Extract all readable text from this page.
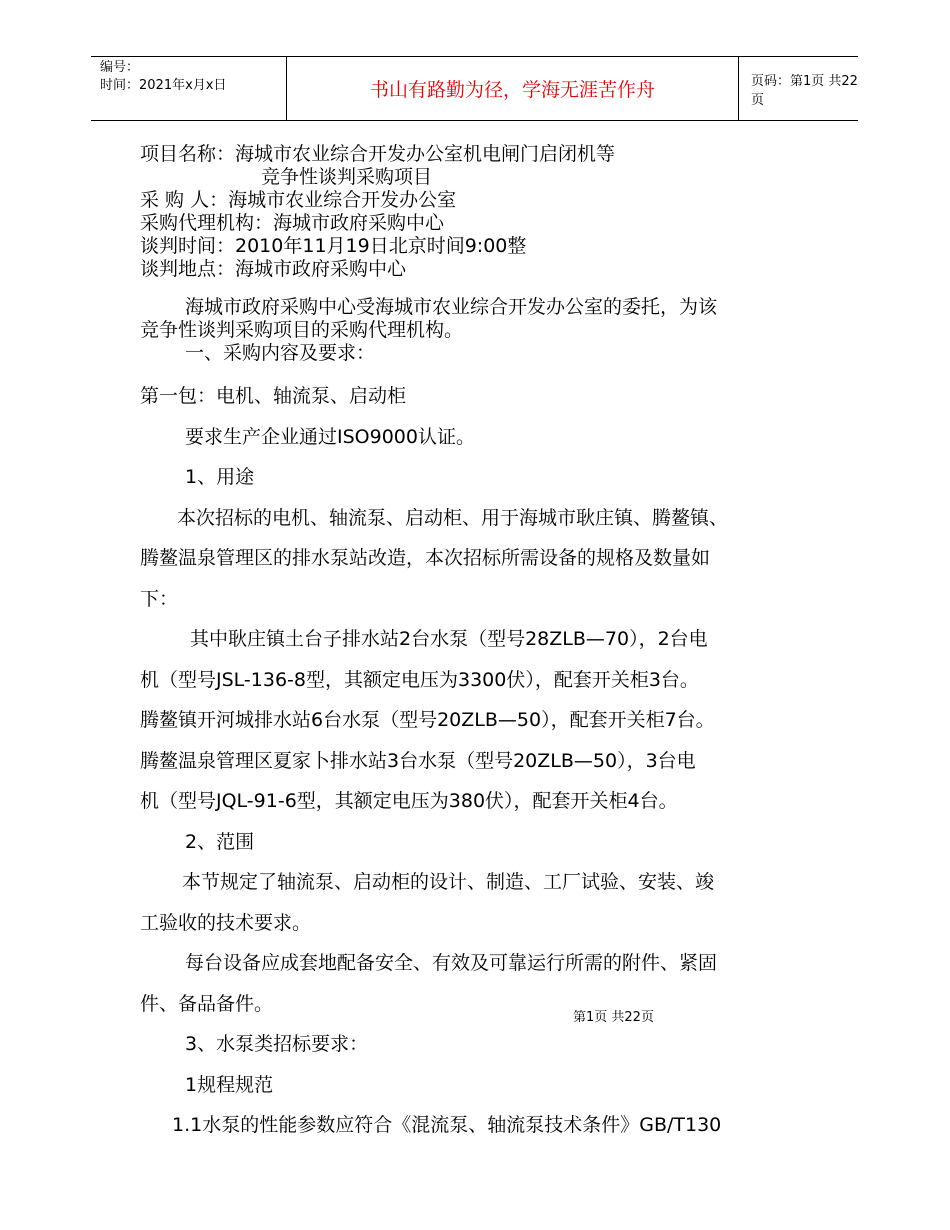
编号：
时间：2021年x月x日	书山有路勤为径，学海无涯苦作舟	页码：第1页 共22页
项目名称：海城市农业综合开发办公室机电闸门启闭机等
竞争性谈判采购项目
采 购 人：海城市农业综合开发办公室
采购代理机构：海城市政府采购中心
谈判时间：2010年11月19日北京时间9:00整
谈判地点：海城市政府采购中心
海城市政府采购中心受海城市农业综合开发办公室的委托，为该
竞争性谈判采购项目的采购代理机构。
一、采购内容及要求：
第一包：电机、轴流泵、启动柜
要求生产企业通过ISO9000认证。
1、用途
本次招标的电机、轴流泵、启动柜、用于海城市耿庄镇、腾鳌镇、
腾鳌温泉管理区的排水泵站改造，本次招标所需设备的规格及数量如
下：
其中耿庄镇土台子排水站2台水泵（型号28ZLB—70），2台电
机（型号JSL-136-8型，其额定电压为3300伏），配套开关柜3台。
腾鳌镇开河城排水站6台水泵（型号20ZLB—50），配套开关柜7台。
腾鳌温泉管理区夏家卜排水站3台水泵（型号20ZLB—50），3台电
机（型号JQL-91-6型，其额定电压为380伏），配套开关柜4台。
2、范围
本节规定了轴流泵、启动柜的设计、制造、工厂试验、安装、竣
工验收的技术要求。
每台设备应成套地配备安全、有效及可靠运行所需的附件、紧固
件、备品备件。
3、水泵类招标要求：
1规程规范
1.1水泵的性能参数应符合《混流泵、轴流泵技术条件》GB/T130
第1页 共22页
